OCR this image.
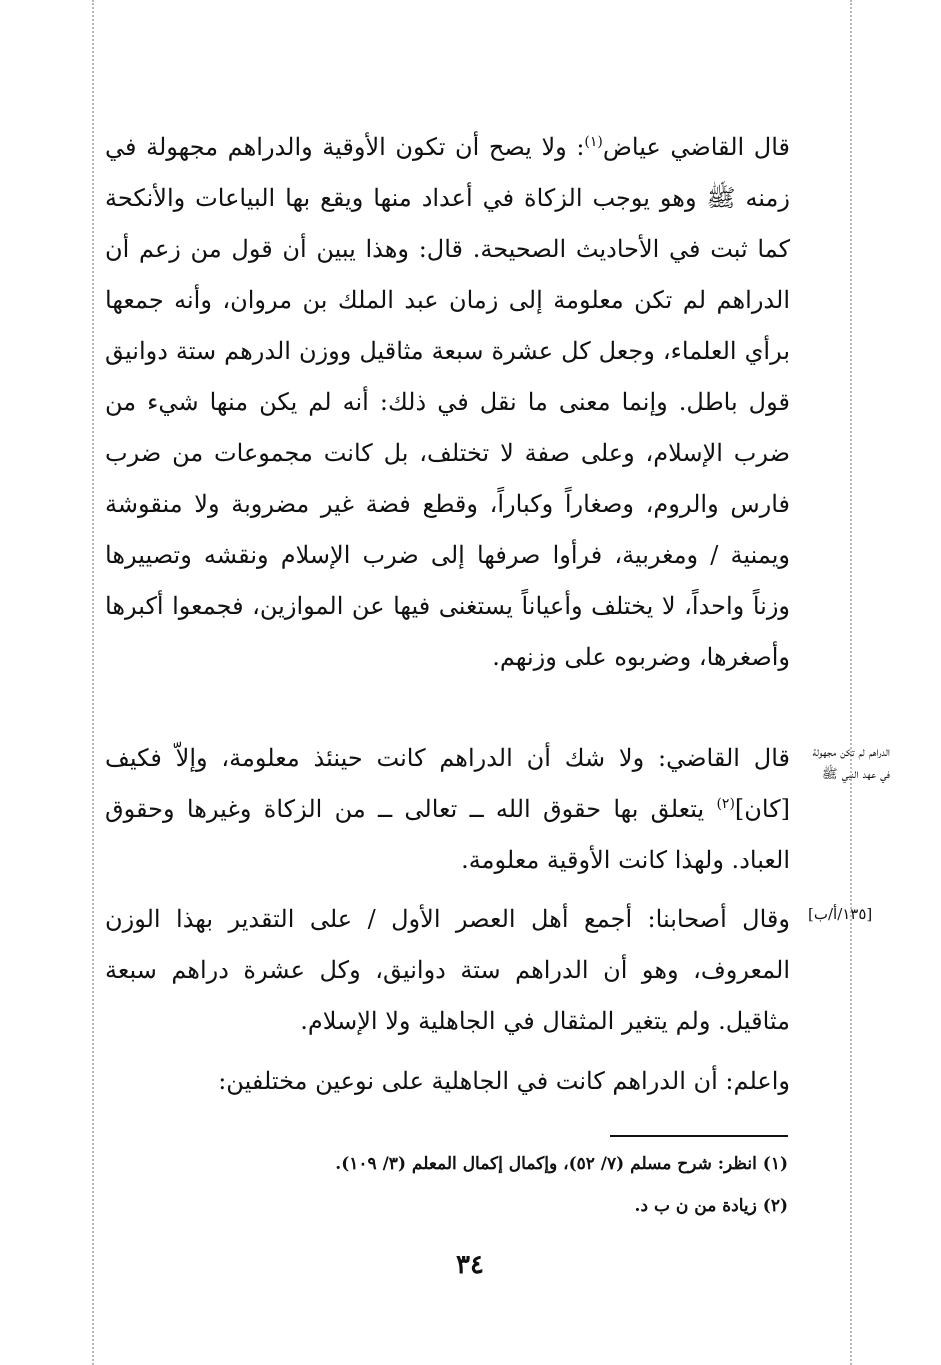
قال القاضي عياض$^{(١)}$: ولا يصح أن تكون الأوقية والدراهم مجهولة في زمنه ﷺ وهو يوجب الزكاة في أعداد منها ويقع بها البياعات والأنكحة كما ثبت في الأحاديث الصحيحة. قال: وهذا يبين أن قول من زعم أن الدراهم لم تكن معلومة إلى زمان عبد الملك بن مروان، وأنه جمعها برأي العلماء، وجعل كل عشرة سبعة مثاقيل ووزن الدرهم ستة دوانيق قول باطل. وإنما معنى ما نقل في ذلك: أنه لم يكن منها شيء من ضرب الإسلام، وعلى صفة لا تختلف، بل كانت مجموعات من ضرب فارس والروم، وصغاراً وكباراً، وقطع فضة غير مضروبة ولا منقوشة ويمنية / ومغربية، فرأوا صرفها إلى ضرب الإسلام ونقشه وتصييرها وزناً واحداً، لا يختلف وأعياناً يستغنى فيها عن الموازين، فجمعوا أكبرها وأصغرها، وضربوه على وزنهم.

قال القاضي: ولا شك أن الدراهم كانت حينئذ معلومة، وإلاّ فكيف [كان]$^{(٢)}$ يتعلق بها حقوق الله ــ تعالى ــ من الزكاة وغيرها وحقوق العباد. ولهذا كانت الأوقية معلومة.

وقال أصحابنا: أجمع أهل العصر الأول / على التقدير بهذا الوزن المعروف، وهو أن الدراهم ستة دوانيق، وكل عشرة دراهم سبعة مثاقيل. ولم يتغير المثقال في الجاهلية ولا الإسلام.

واعلم: أن الدراهم كانت في الجاهلية على نوعين مختلفين:

الدراهم لم تكن مجهولة في عهد النبي ﷺ

[١٣٥/أ/ب]

(١) انظر: شرح مسلم (٧/ ٥٢)، وإكمال إكمال المعلم (٣/ ١٠٩).

(٢) زيادة من ن ب د.

٣٤
